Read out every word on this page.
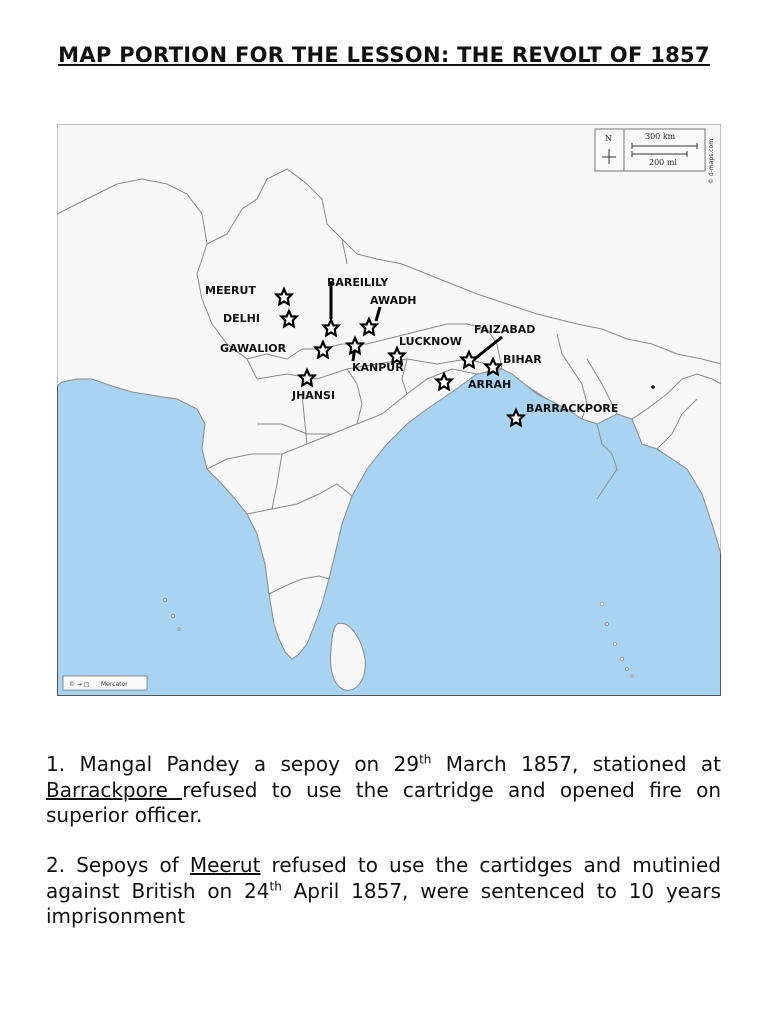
MAP PORTION FOR THE LESSON: THE REVOLT OF 1857
N	300 km
200 mi	© d-maps.com
© → □ Mercator
MEERUT
DELHI
BAREILILY
AWADH
GAWALIOR
LUCKNOW
FAIZABAD
KANPUR
BIHAR
JHANSI
ARRAH
BARRACKPORE
1. Mangal Pandey a sepoy on 29th March 1857, stationed at Barrackpore refused to use the cartridge and opened fire on superior officer.
2. Sepoys of Meerut refused to use the cartidges and mutinied against British on 24th April 1857, were sentenced to 10 years imprisonment
